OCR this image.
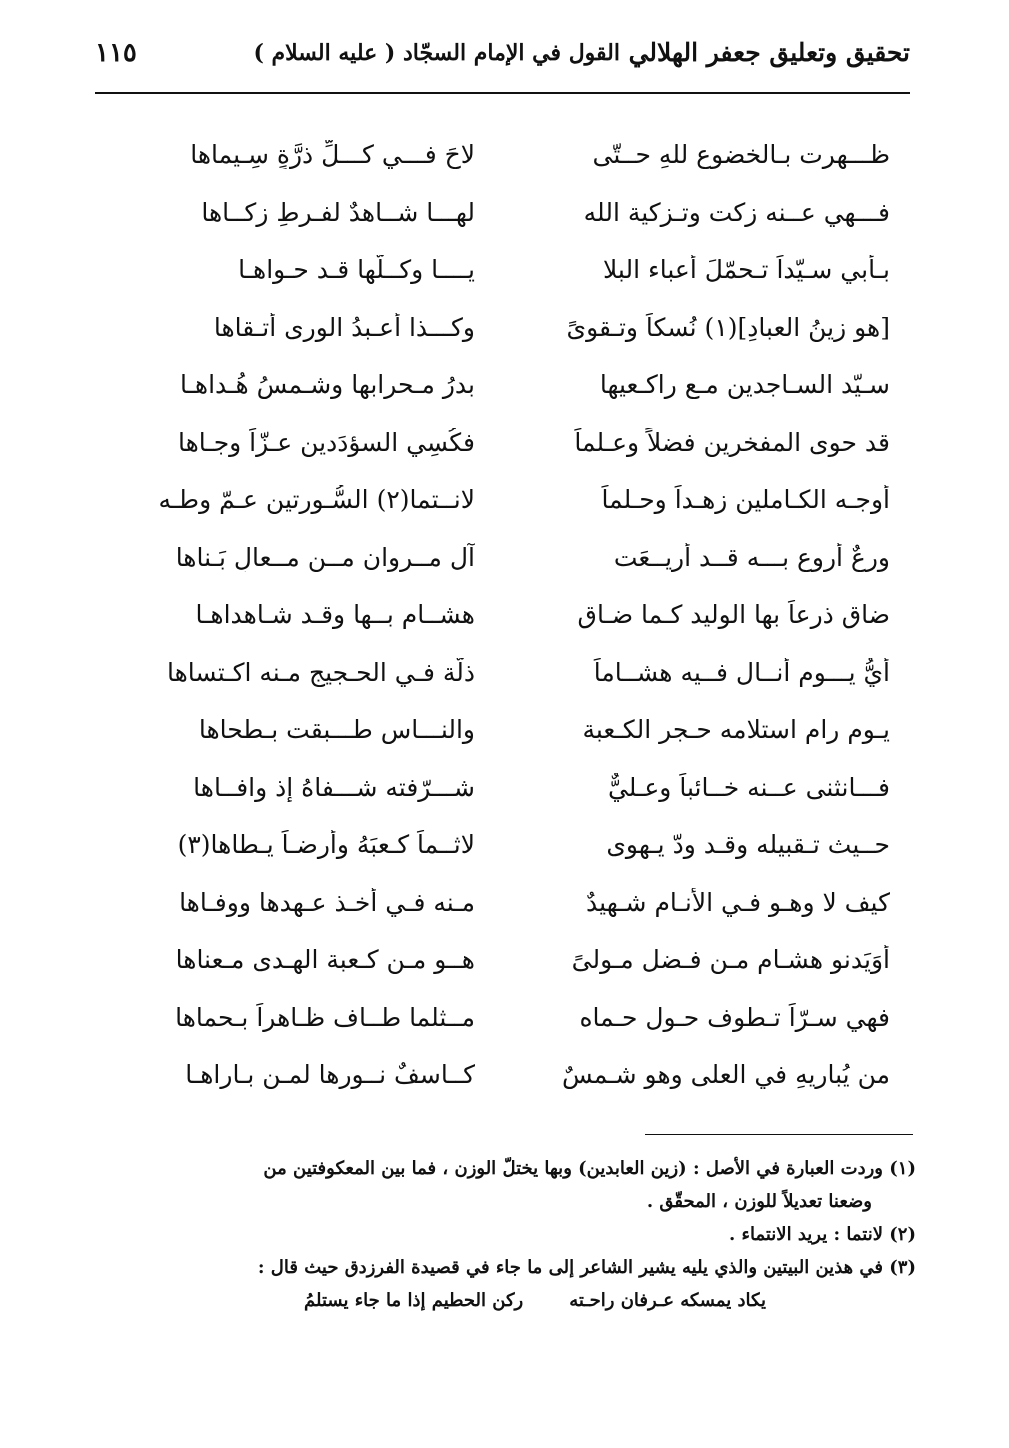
تحقيق وتعليق جعفر الهلالي
القول في الإمام السجّاد ( عليه السلام )
١١٥
ظـــهرت بـالخضوعِ للهِ حــتّى
لاحَ فـــي كـــلِّ ذرَّةٍ سِـيماها
فـــهي عــنه زكت وتـزكية الله
لهـــا شــاهدٌ لفـرطِ زكــاها
بـأبي سـيّداً تـحمّلَ أعباء البلا
يــــا وكــلّها قـد حـواهـا
[هو زينُ العبادِ](١) نُسكاً وتـقوىً
وكـــذا أعـبدُ الورى أتـقاها
سـيّد السـاجدين مـع راكـعيها
بدرُ مـحرابها وشـمسُ هُـداهـا
قد حوى المفخرين فضلاً وعـلماً
فكُسِي السؤدَدين عـزّاً وجـاها
أوجـه الكـاملين زهـداً وحـلماً
لانــتما(٢) السُّـورتين عـمّ وطـه
ورعٌ أروع بـــه قــد أُريــعَت
آل مــروان مــن مــعالٍ بَـناها
ضاق ذرعاً بها الوليد كـما ضـاق
هشــام بــها وقـد شـاهداهـا
أيُّ يـــومٍ أنــال فــيه هشــاماً
ذلّة فـي الحـجيجِ مـنه اكـتساها
يـوم رام استلامه حـجر الكـعبة
والنـــاس طـــبقت بـطحاها
فـــانثنى عــنه خــائباً وعـليٌّ
شـــرّفته شـــفاهُ إذ وافــاها
حــيث تـقبيله وقـد ودّ يـهوى
لاثــماً كـعبَهُ وأرضـاً يـطاها(٣)
كيف لا وهـو فـي الأنـام شـهيدٌ
مـنه فـي أخـذ عـهدها ووفـاها
أوَيَدنو هشـام مـن فـضل مـولىً
هــو مـن كـعبة الهـدى مـعناها
فهي سـرّاً تـطوف حـول حـماه
مــثلما طــاف ظـاهراً بـحماها
من يُباريهِ في العلى وهو شـمسٌ
كــاسفٌ نــورها لمـن بـاراهـا

(١) وردت العبارة في الأصل : (زين العابدين) وبها يختلّ الوزن ، فما بين المعكوفتين من
وضعنا تعديلاً للوزن ، المحقّق .

(٢) لانتما : يريد الانتماء .

(٣) في هذين البيتين والذي يليه يشير الشاعر إلى ما جاء في قصيدة الفرزدق حيث قال :

يكاد يمسكه عـرفان راحـته
ركن الحطيم إذا ما جاء يستلمُ
